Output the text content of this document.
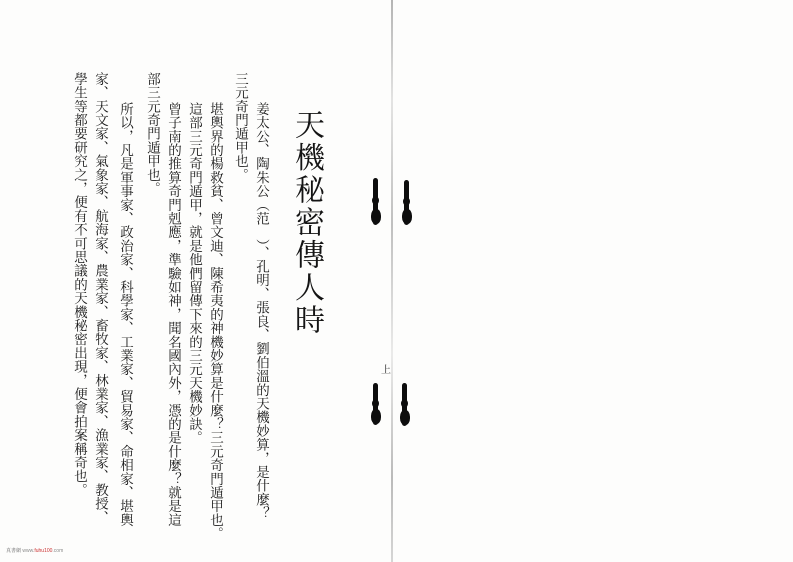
天機秘密傳人時
姜太公、陶朱公（范　）、孔明、張良、劉伯溫的天機妙算，是什麼？
三元奇門遁甲也。
堪輿界的楊救貧、曾文迪、陳希夷的神機妙算是什麼？三元奇門遁甲也。
這部三元奇門遁甲，就是他們留傳下來的三元天機妙訣。
曾子南的推算奇門剋應，準驗如神，聞名國內外，憑的是什麼？就是這
部三元奇門遁甲也。
所以，凡是軍事家、政治家、科學家、工業家、貿易家、命相家、堪輿
家、天文家、氣象家、航海家、農業家、畜牧家、林業家、漁業家、教授、
學生等都要研究之，便有不可思議的天機秘密出現，便會拍案稱奇也。	上
真書網 www.fuhu100.com
